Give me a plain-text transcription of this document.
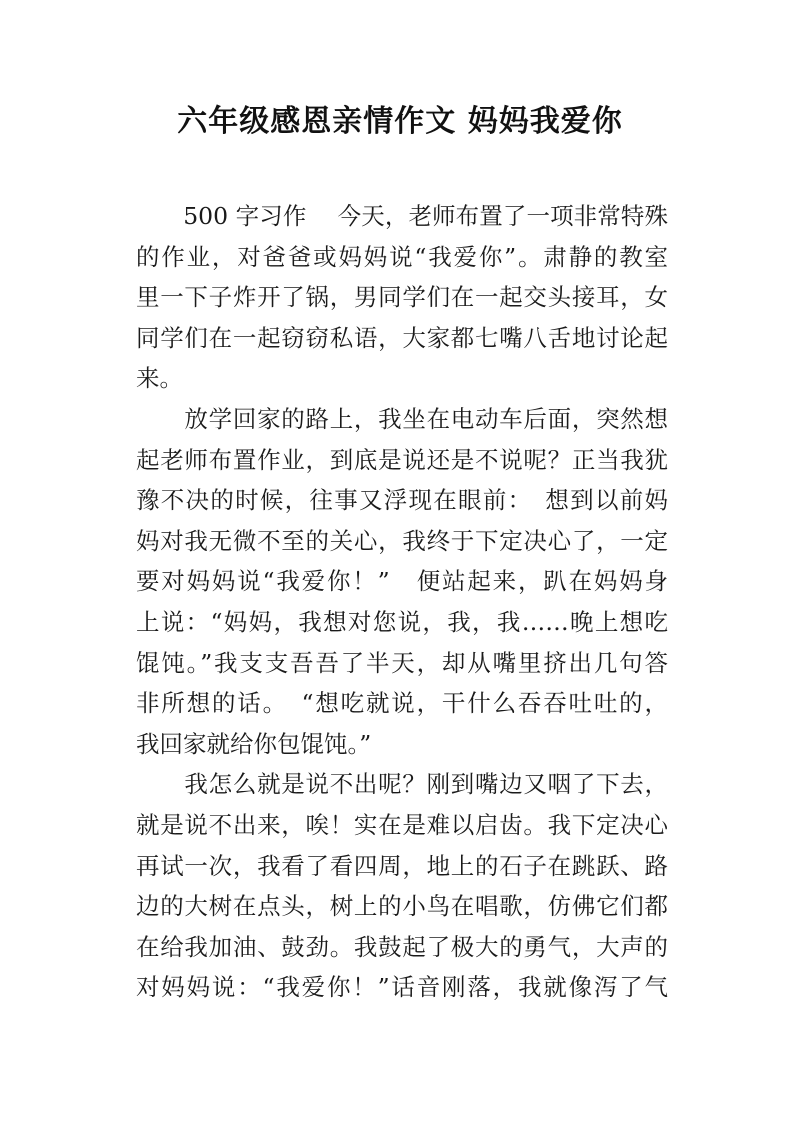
六年级感恩亲情作文 妈妈我爱你
　　500 字习作　 今天，老师布置了一项非常特殊
的作业，对爸爸或妈妈说“我爱你”。肃静的教室
里一下子炸开了锅，男同学们在一起交头接耳，女
同学们在一起窃窃私语，大家都七嘴八舌地讨论起
来。
　　放学回家的路上，我坐在电动车后面，突然想
起老师布置作业，到底是说还是不说呢？正当我犹
豫不决的时候，往事又浮现在眼前：　想到以前妈
妈对我无微不至的关心，我终于下定决心了，一定
要对妈妈说“我爱你！”　便站起来，趴在妈妈身
上说：“妈妈，我想对您说，我，我……晚上想吃
馄饨。”我支支吾吾了半天，却从嘴里挤出几句答
非所想的话。　“想吃就说，干什么吞吞吐吐的，
我回家就给你包馄饨。”
　　我怎么就是说不出呢？刚到嘴边又咽了下去，
就是说不出来，唉！实在是难以启齿。我下定决心
再试一次，我看了看四周，地上的石子在跳跃、路
边的大树在点头，树上的小鸟在唱歌，仿佛它们都
在给我加油、鼓劲。我鼓起了极大的勇气，大声的
对妈妈说：“我爱你！”话音刚落，我就像泻了气
